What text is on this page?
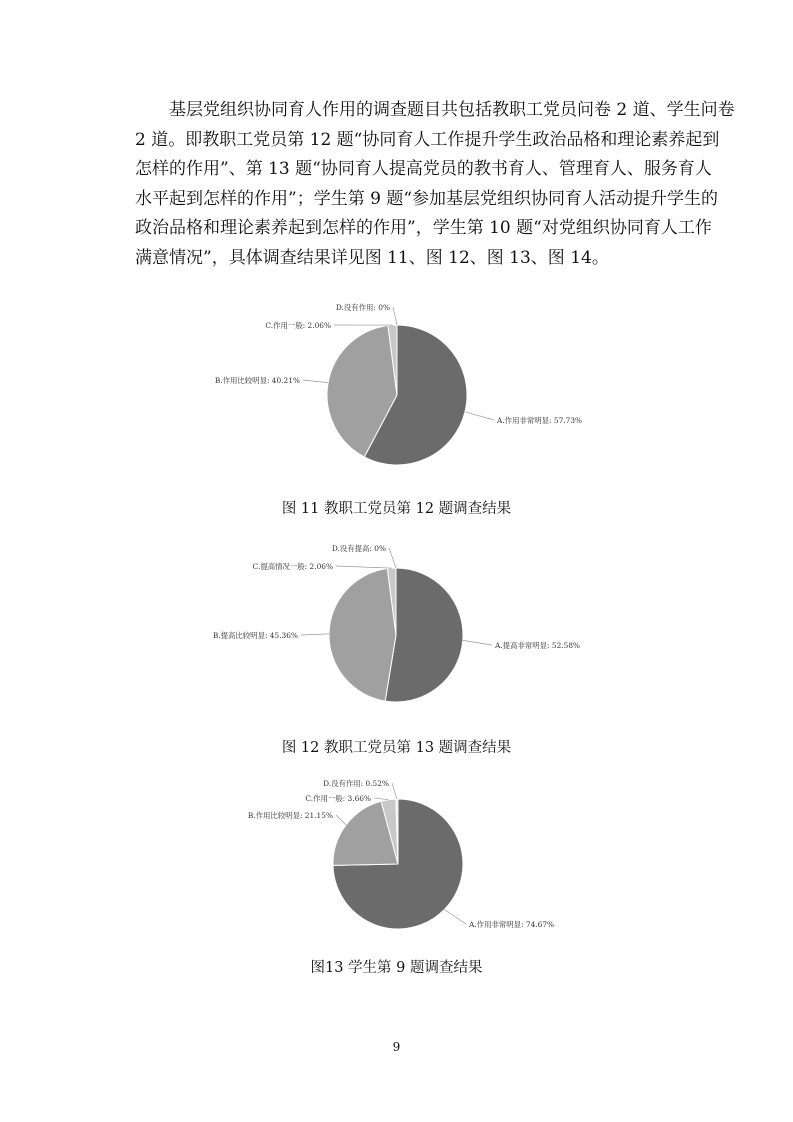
基层党组织协同育人作用的调查题目共包括教职工党员问卷 2 道、学生问卷
2 道。即教职工党员第 12 题“协同育人工作提升学生政治品格和理论素养起到
怎样的作用”、第 13 题“协同育人提高党员的教书育人、管理育人、服务育人
水平起到怎样的作用”；学生第 9 题“参加基层党组织协同育人活动提升学生的
政治品格和理论素养起到怎样的作用”，学生第 10 题“对党组织协同育人工作
满意情况”，具体调查结果详见图 11、图 12、图 13、图 14。
A.作用非常明显: 57.73%
B.作用比较明显: 40.21%
C.作用一般: 2.06%
D.没有作用: 0%

图 11 教职工党员第 12 题调查结果

A.提高非常明显: 52.58%
B.提高比较明显: 45.36%
C.提高情况一般: 2.06%
D.没有提高: 0%

图 12 教职工党员第 13 题调查结果

A.作用非常明显: 74.67%
B.作用比较明显: 21.15%
C.作用一般: 3.66%
D.没有作用: 0.52%

图13 学生第 9 题调查结果

9
